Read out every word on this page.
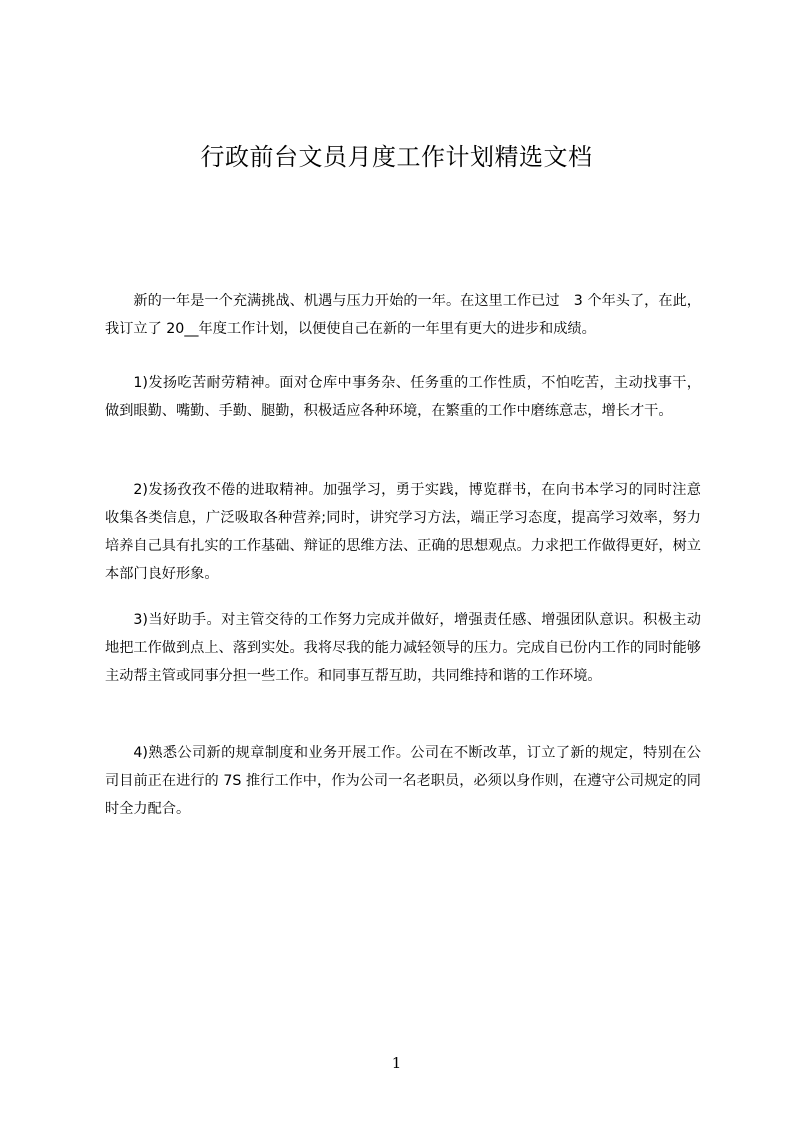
行政前台文员月度工作计划精选文档

新的一年是一个充满挑战、机遇与压力开始的一年。在这里工作已过　3 个年头了，在此，我订立了 20__年度工作计划，以便使自己在新的一年里有更大的进步和成绩。

1)发扬吃苦耐劳精神。面对仓库中事务杂、任务重的工作性质，不怕吃苦，主动找事干，做到眼勤、嘴勤、手勤、腿勤，积极适应各种环境，在繁重的工作中磨练意志，增长才干。

2)发扬孜孜不倦的进取精神。加强学习，勇于实践，博览群书，在向书本学习的同时注意收集各类信息，广泛吸取各种营养;同时，讲究学习方法，端正学习态度，提高学习效率，努力培养自己具有扎实的工作基础、辩证的思维方法、正确的思想观点。力求把工作做得更好，树立本部门良好形象。

3)当好助手。对主管交待的工作努力完成并做好，增强责任感、增强团队意识。积极主动地把工作做到点上、落到实处。我将尽我的能力减轻领导的压力。完成自已份内工作的同时能够主动帮主管或同事分担一些工作。和同事互帮互助，共同维持和谐的工作环境。

4)熟悉公司新的规章制度和业务开展工作。公司在不断改革，订立了新的规定，特别在公司目前正在进行的 7S 推行工作中，作为公司一名老职员，必须以身作则，在遵守公司规定的同时全力配合。

1
